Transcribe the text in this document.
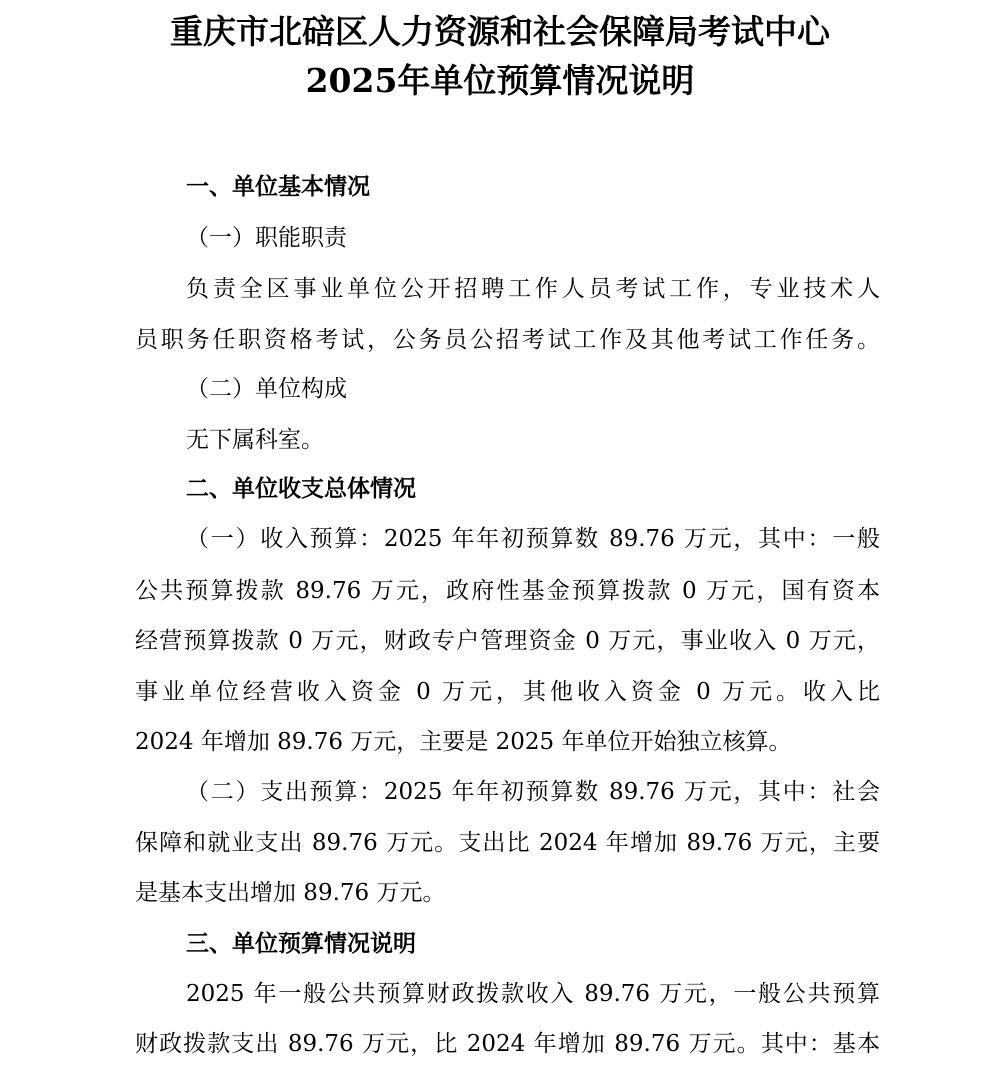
重庆市北碚区人力资源和社会保障局考试中心
2025年单位预算情况说明
一、单位基本情况
（一）职能职责
负责全区事业单位公开招聘工作人员考试工作，专业技术人
员职务任职资格考试，公务员公招考试工作及其他考试工作任务。
（二）单位构成
无下属科室。
二、单位收支总体情况
（一）收入预算：2025 年年初预算数 89.76 万元，其中：一般
公共预算拨款 89.76 万元，政府性基金预算拨款 0 万元，国有资本
经营预算拨款 0 万元，财政专户管理资金 0 万元，事业收入 0 万元，
事业单位经营收入资金 0 万元，其他收入资金 0 万元。收入比
2024 年增加 89.76 万元，主要是 2025 年单位开始独立核算。
（二）支出预算：2025 年年初预算数 89.76 万元，其中：社会
保障和就业支出 89.76 万元。支出比 2024 年增加 89.76 万元，主要
是基本支出增加 89.76 万元。
三、单位预算情况说明
2025 年一般公共预算财政拨款收入 89.76 万元，一般公共预算
财政拨款支出 89.76 万元，比 2024 年增加 89.76 万元。其中：基本
